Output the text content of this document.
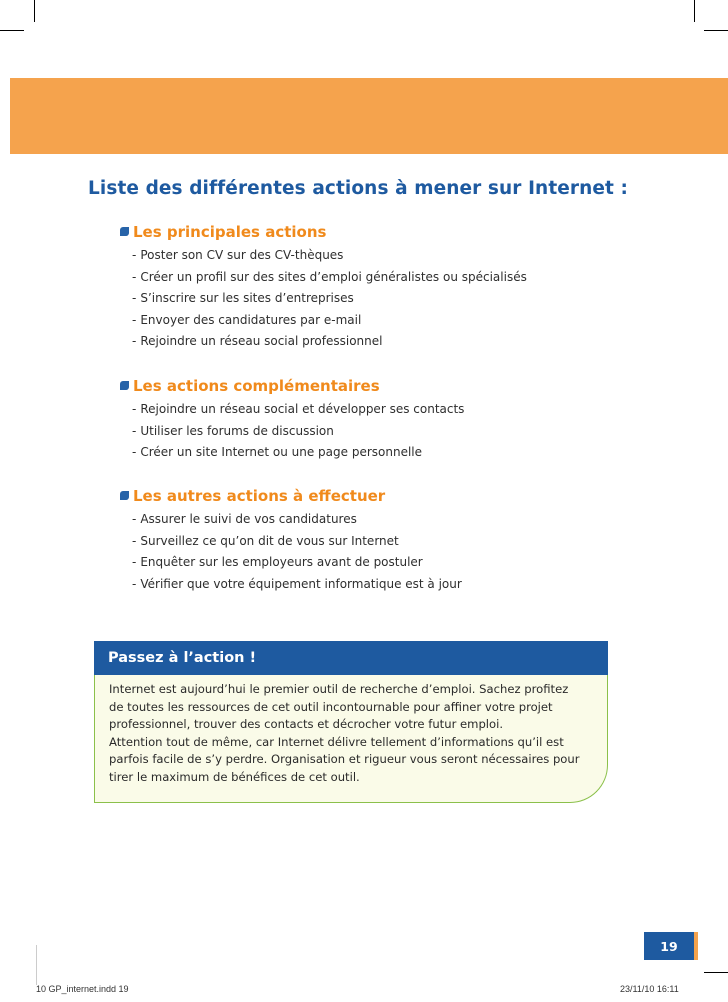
Liste des différentes actions à mener sur Internet :
Les principales actions
- Poster son CV sur des CV-thèques
- Créer un profil sur des sites d’emploi généralistes ou spécialisés
- S’inscrire sur les sites d’entreprises
- Envoyer des candidatures par e-mail
- Rejoindre un réseau social professionnel
Les actions complémentaires
- Rejoindre un réseau social et développer ses contacts
- Utiliser les forums de discussion
- Créer un site Internet ou une page personnelle
Les autres actions à effectuer
- Assurer le suivi de vos candidatures
- Surveillez ce qu’on dit de vous sur Internet
- Enquêter sur les employeurs avant de postuler
- Vérifier que votre équipement informatique est à jour
Passez à l’action !

Internet est aujourd’hui le premier outil de recherche d’emploi. Sachez profitez
de toutes les ressources de cet outil incontournable pour affiner votre projet
professionnel, trouver des contacts et décrocher votre futur emploi.
Attention tout de même, car Internet délivre tellement d’informations qu’il est
parfois facile de s’y perdre. Organisation et rigueur vous seront nécessaires pour
tirer le maximum de bénéfices de cet outil.

19
10 GP_internet.indd 19	23/11/10 16:11
